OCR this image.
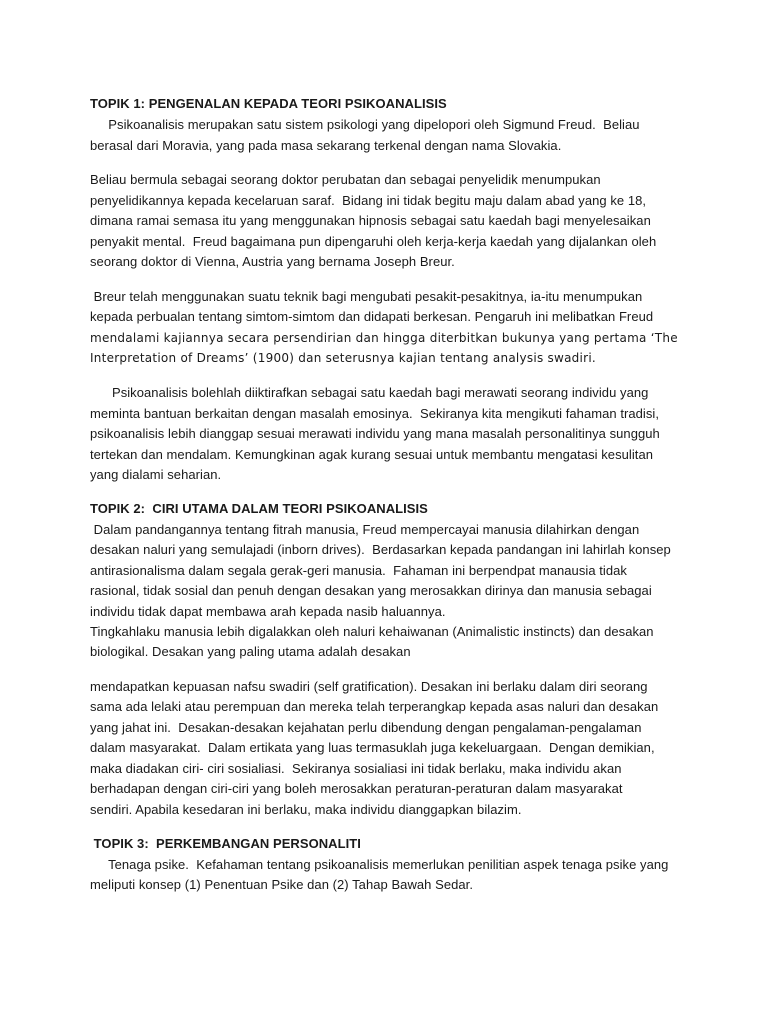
TOPIK 1: PENGENALAN KEPADA TEORI PSIKOANALISIS

Psikoanalisis merupakan satu sistem psikologi yang dipelopori oleh Sigmund Freud.  Beliau

berasal dari Moravia, yang pada masa sekarang terkenal dengan nama Slovakia.

Beliau bermula sebagai seorang doktor perubatan dan sebagai penyelidik menumpukan

penyelidikannya kepada kecelaruan saraf.  Bidang ini tidak begitu maju dalam abad yang ke 18,

dimana ramai semasa itu yang menggunakan hipnosis sebagai satu kaedah bagi menyelesaikan

penyakit mental.  Freud bagaimana pun dipengaruhi oleh kerja-kerja kaedah yang dijalankan oleh

seorang doktor di Vienna, Austria yang bernama Joseph Breur.

Breur telah menggunakan suatu teknik bagi mengubati pesakit-pesakitnya, ia-itu menumpukan

kepada perbualan tentang simtom-simtom dan didapati berkesan. Pengaruh ini melibatkan Freud

mendalami kajiannya secara persendirian dan hingga diterbitkan bukunya yang pertama ‘The

Interpretation of Dreams’ (1900) dan seterusnya kajian tentang analysis swadiri.

Psikoanalisis bolehlah diiktirafkan sebagai satu kaedah bagi merawati seorang individu yang

meminta bantuan berkaitan dengan masalah emosinya.  Sekiranya kita mengikuti fahaman tradisi,

psikoanalisis lebih dianggap sesuai merawati individu yang mana masalah personalitinya sungguh

tertekan dan mendalam. Kemungkinan agak kurang sesuai untuk membantu mengatasi kesulitan

yang dialami seharian.

TOPIK 2:  CIRI UTAMA DALAM TEORI PSIKOANALISIS

Dalam pandangannya tentang fitrah manusia, Freud mempercayai manusia dilahirkan dengan

desakan naluri yang semulajadi (inborn drives).  Berdasarkan kepada pandangan ini lahirlah konsep

antirasionalisma dalam segala gerak-geri manusia.  Fahaman ini berpendpat manausia tidak

rasional, tidak sosial dan penuh dengan desakan yang merosakkan dirinya dan manusia sebagai

individu tidak dapat membawa arah kepada nasib haluannya.

Tingkahlaku manusia lebih digalakkan oleh naluri kehaiwanan (Animalistic instincts) dan desakan

biologikal. Desakan yang paling utama adalah desakan

mendapatkan kepuasan nafsu swadiri (self gratification). Desakan ini berlaku dalam diri seorang

sama ada lelaki atau perempuan dan mereka telah terperangkap kepada asas naluri dan desakan

yang jahat ini.  Desakan-desakan kejahatan perlu dibendung dengan pengalaman-pengalaman

dalam masyarakat.  Dalam ertikata yang luas termasuklah juga kekeluargaan.  Dengan demikian,

maka diadakan ciri- ciri sosialiasi.  Sekiranya sosialiasi ini tidak berlaku, maka individu akan

berhadapan dengan ciri-ciri yang boleh merosakkan peraturan-peraturan dalam masyarakat

sendiri. Apabila kesedaran ini berlaku, maka individu dianggapkan bilazim.

TOPIK 3:  PERKEMBANGAN PERSONALITI

Tenaga psike.  Kefahaman tentang psikoanalisis memerlukan penilitian aspek tenaga psike yang

meliputi konsep (1) Penentuan Psike dan (2) Tahap Bawah Sedar.
